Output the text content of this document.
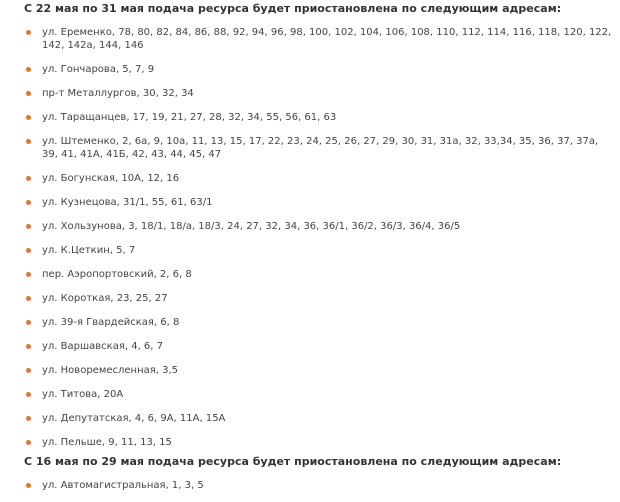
С 22 мая по 31 мая подача ресурса будет приостановлена по следующим адресам:

ул. Еременко, 78, 80, 82, 84, 86, 88, 92, 94, 96, 98, 100, 102, 104, 106, 108, 110, 112, 114, 116, 118, 120, 122, 142, 142а, 144, 146
ул. Гончарова, 5, 7, 9
пр-т Металлургов, 30, 32, 34
ул. Таращанцев, 17, 19, 21, 27, 28, 32, 34, 55, 56, 61, 63
ул. Штеменко, 2, 6а, 9, 10а, 11, 13, 15, 17, 22, 23, 24, 25, 26, 27, 29, 30, 31, 31а, 32, 33,34, 35, 36, 37, 37а, 39, 41, 41А, 41Б, 42, 43, 44, 45, 47
ул. Богунская, 10А, 12, 16
ул. Кузнецова, 31/1, 55, 61, 63/1
ул. Хользунова, 3, 18/1, 18/а, 18/3, 24, 27, 32, 34, 36, 36/1, 36/2, 36/3, 36/4, 36/5
ул. К.Цеткин, 5, 7
пер. Аэропортовский, 2, 6, 8
ул. Короткая, 23, 25, 27
ул. 39-я Гвардейская, 6, 8
ул. Варшавская, 4, 6, 7
ул. Новоремесленная, 3,5
ул. Титова, 20А
ул. Депутатская, 4, 6, 9А, 11А, 15А
ул. Пельше, 9, 11, 13, 15

С 16 мая по 29 мая подача ресурса будет приостановлена по следующим адресам:

ул. Автомагистральная, 1, 3, 5
